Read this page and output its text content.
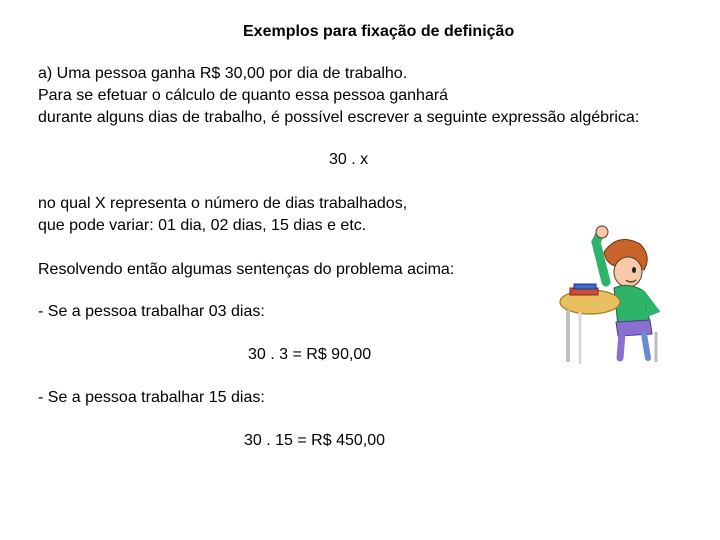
Exemplos para fixação de definição
a) Uma pessoa ganha R$ 30,00 por dia de trabalho.
Para se efetuar o cálculo de quanto essa pessoa ganhará
durante alguns dias de trabalho, é possível escrever a seguinte expressão algébrica:
30 . x
no qual X representa o número de dias trabalhados,
que pode variar: 01 dia, 02 dias, 15 dias e etc.
Resolvendo então algumas sentenças do problema acima:
- Se a pessoa trabalhar 03 dias:
30 . 3 = R$ 90,00
- Se a pessoa trabalhar 15 dias:
30 . 15 = R$ 450,00
